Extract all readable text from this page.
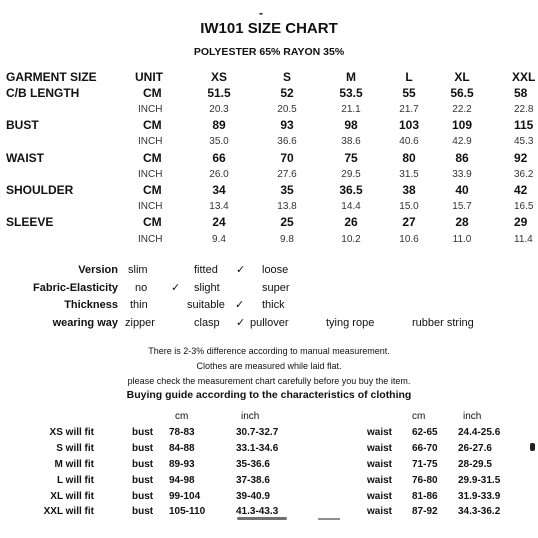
-
IW101 SIZE CHART
POLYESTER 65% RAYON 35%
GARMENT SIZE	UNIT	XS	S	M	L	XL	XXL
C/B LENGTH	CM	51.5	52	53.5	55	56.5	58
INCH	20.3	20.5	21.1	21.7	22.2	22.8
BUST	CM	89	93	98	103	109	115
INCH	35.0	36.6	38.6	40.6	42.9	45.3
WAIST	CM	66	70	75	80	86	92
INCH	26.0	27.6	29.5	31.5	33.9	36.2
SHOULDER	CM	34	35	36.5	38	40	42
INCH	13.4	13.8	14.4	15.0	15.7	16.5
SLEEVE	CM	24	25	26	27	28	29
INCH	9.4	9.8	10.2	10.6	11.0	11.4
Version slim	fitted ✓ loose
Fabric-Elasticity no ✓ slight	super
Thickness thin	suitable ✓ thick
wearing way zipper	clasp ✓ pullover	tying rope	rubber string
There is 2-3% difference according to manual measurement.
Clothes are measured while laid flat.
please check the measurement chart carefully before you buy the item.
Buying guide according to the characteristics of clothing
cm	inch	cm	inch
XS will fit	bust 78-83	30.7-32.7	waist 62-65 24.4-25.6
S will fit	bust 84-88	33.1-34.6	waist 66-70 26-27.6
M will fit	bust 89-93	35-36.6	waist 71-75 28-29.5
L will fit	bust 94-98	37-38.6	waist 76-80 29.9-31.5
XL will fit	bust 99-104	39-40.9	waist 81-86 31.9-33.9
XXL will fit	bust 105-110	41.3-43.3	waist 87-92 34.3-36.2
